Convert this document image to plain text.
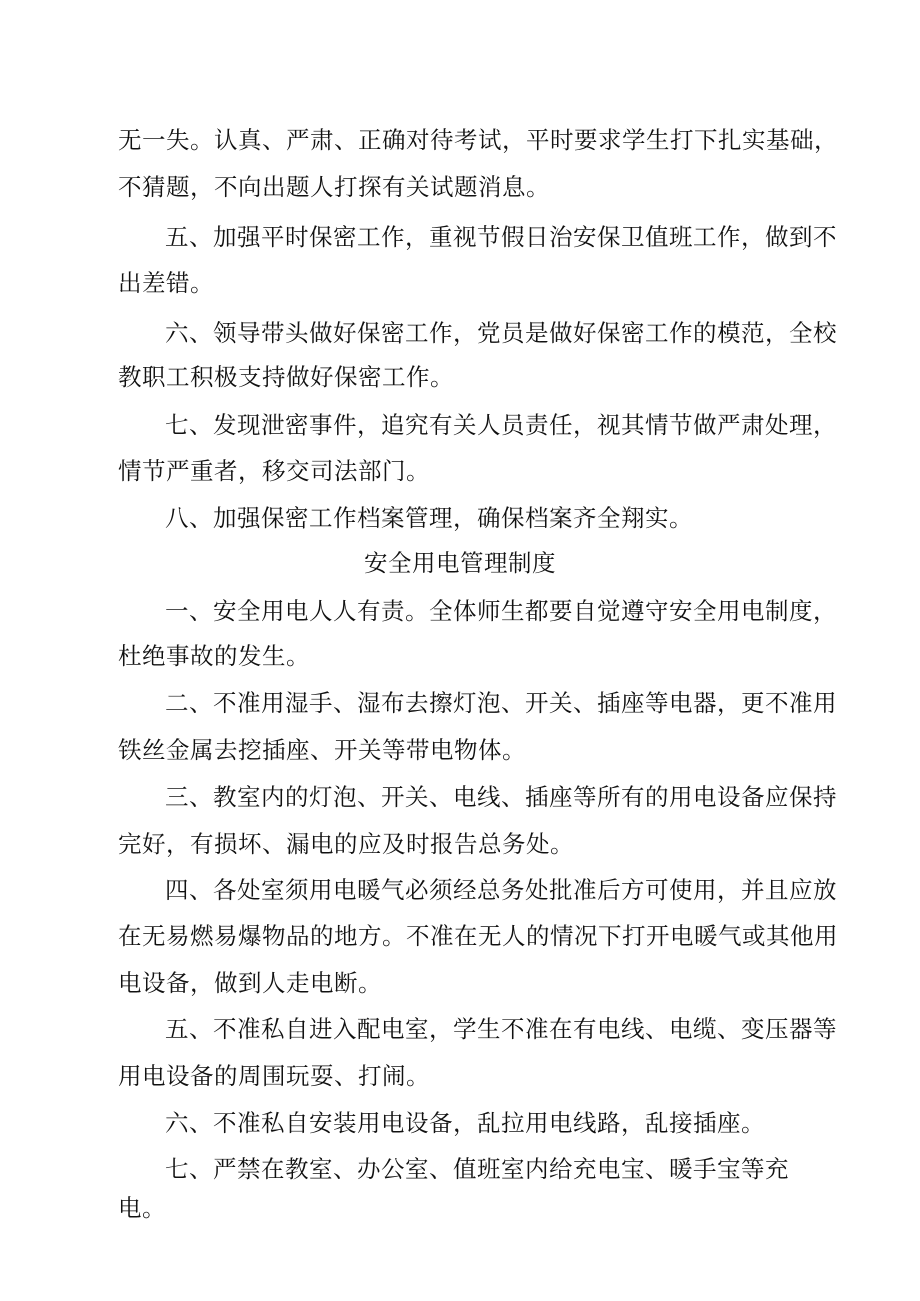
无一失。认真、严肃、正确对待考试，平时要求学生打下扎实基础，
不猜题，不向出题人打探有关试题消息。
五、加强平时保密工作，重视节假日治安保卫值班工作，做到不
出差错。
六、领导带头做好保密工作，党员是做好保密工作的模范，全校
教职工积极支持做好保密工作。
七、发现泄密事件，追究有关人员责任，视其情节做严肃处理，
情节严重者，移交司法部门。
八、加强保密工作档案管理，确保档案齐全翔实。
安全用电管理制度
一、安全用电人人有责。全体师生都要自觉遵守安全用电制度，
杜绝事故的发生。
二、不准用湿手、湿布去擦灯泡、开关、插座等电器，更不准用
铁丝金属去挖插座、开关等带电物体。
三、教室内的灯泡、开关、电线、插座等所有的用电设备应保持
完好，有损坏、漏电的应及时报告总务处。
四、各处室须用电暖气必须经总务处批准后方可使用，并且应放
在无易燃易爆物品的地方。不准在无人的情况下打开电暖气或其他用
电设备，做到人走电断。
五、不准私自进入配电室，学生不准在有电线、电缆、变压器等
用电设备的周围玩耍、打闹。
六、不准私自安装用电设备，乱拉用电线路，乱接插座。
七、严禁在教室、办公室、值班室内给充电宝、暖手宝等充
电。
